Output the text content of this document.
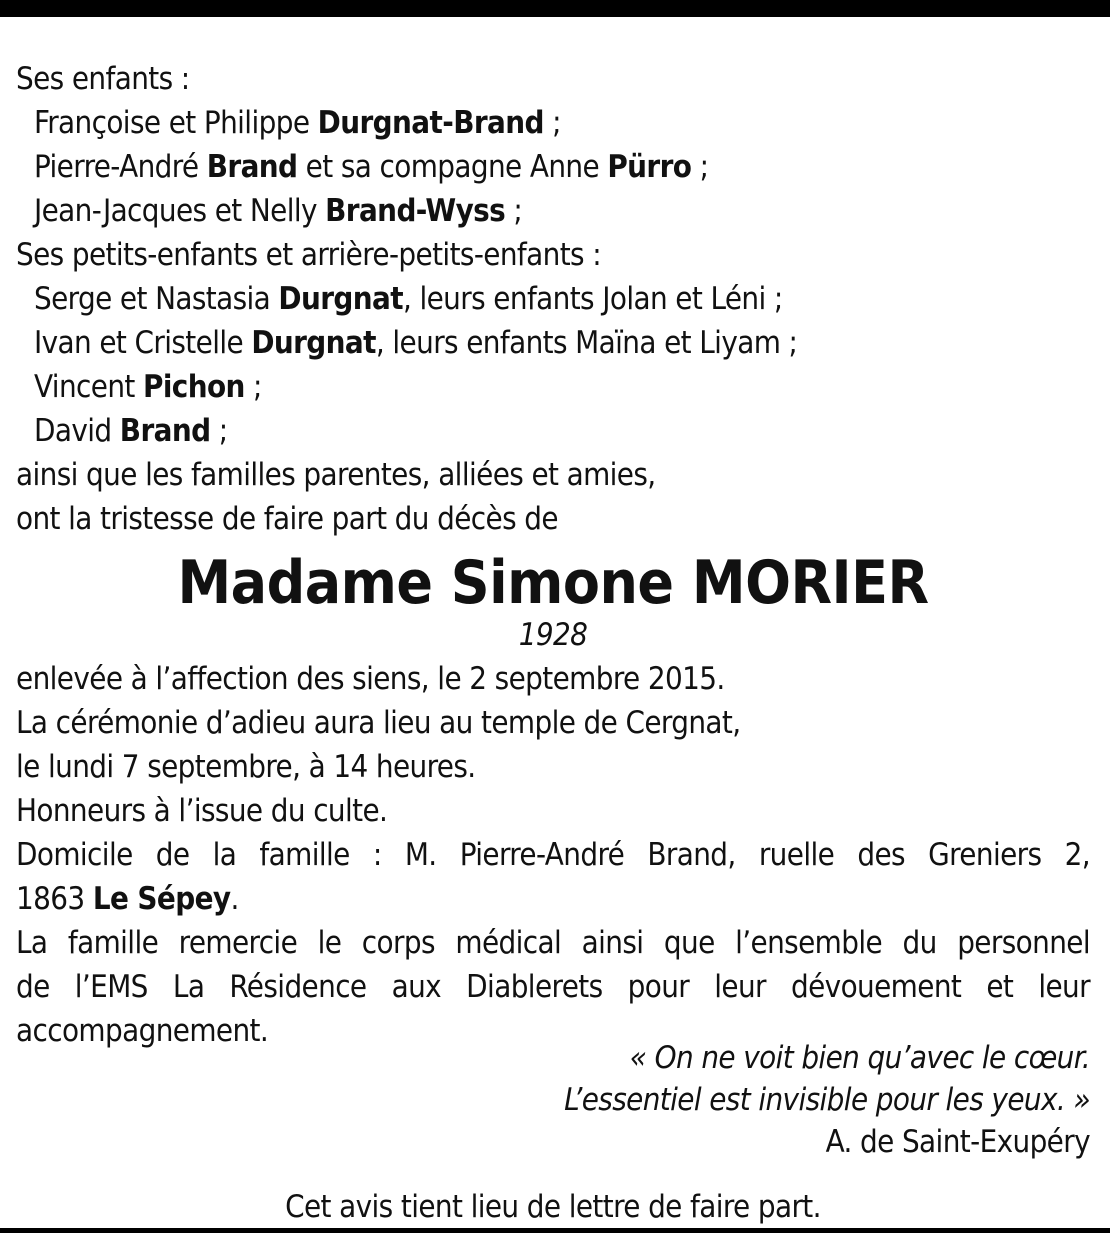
Ses enfants :
Françoise et Philippe Durgnat-Brand ;
Pierre-André Brand et sa compagne Anne Pürro ;
Jean-Jacques et Nelly Brand-Wyss ;
Ses petits-enfants et arrière-petits-enfants :
Serge et Nastasia Durgnat, leurs enfants Jolan et Léni ;
Ivan et Cristelle Durgnat, leurs enfants Maïna et Liyam ;
Vincent Pichon ;
David Brand ;
ainsi que les familles parentes, alliées et amies,
ont la tristesse de faire part du décès de
Madame Simone MORIER
1928
enlevée à l’affection des siens, le 2 septembre 2015.
La cérémonie d’adieu aura lieu au temple de Cergnat,
le lundi 7 septembre, à 14 heures.
Honneurs à l’issue du culte.
Domicile de la famille : M. Pierre-André Brand, ruelle des Greniers 2,
1863 Le Sépey.
La famille remercie le corps médical ainsi que l’ensemble du personnel
de l’EMS La Résidence aux Diablerets pour leur dévouement et leur
accompagnement.
« On ne voit bien qu’avec le cœur.
L’essentiel est invisible pour les yeux. »
A. de Saint-Exupéry
Cet avis tient lieu de lettre de faire part.
